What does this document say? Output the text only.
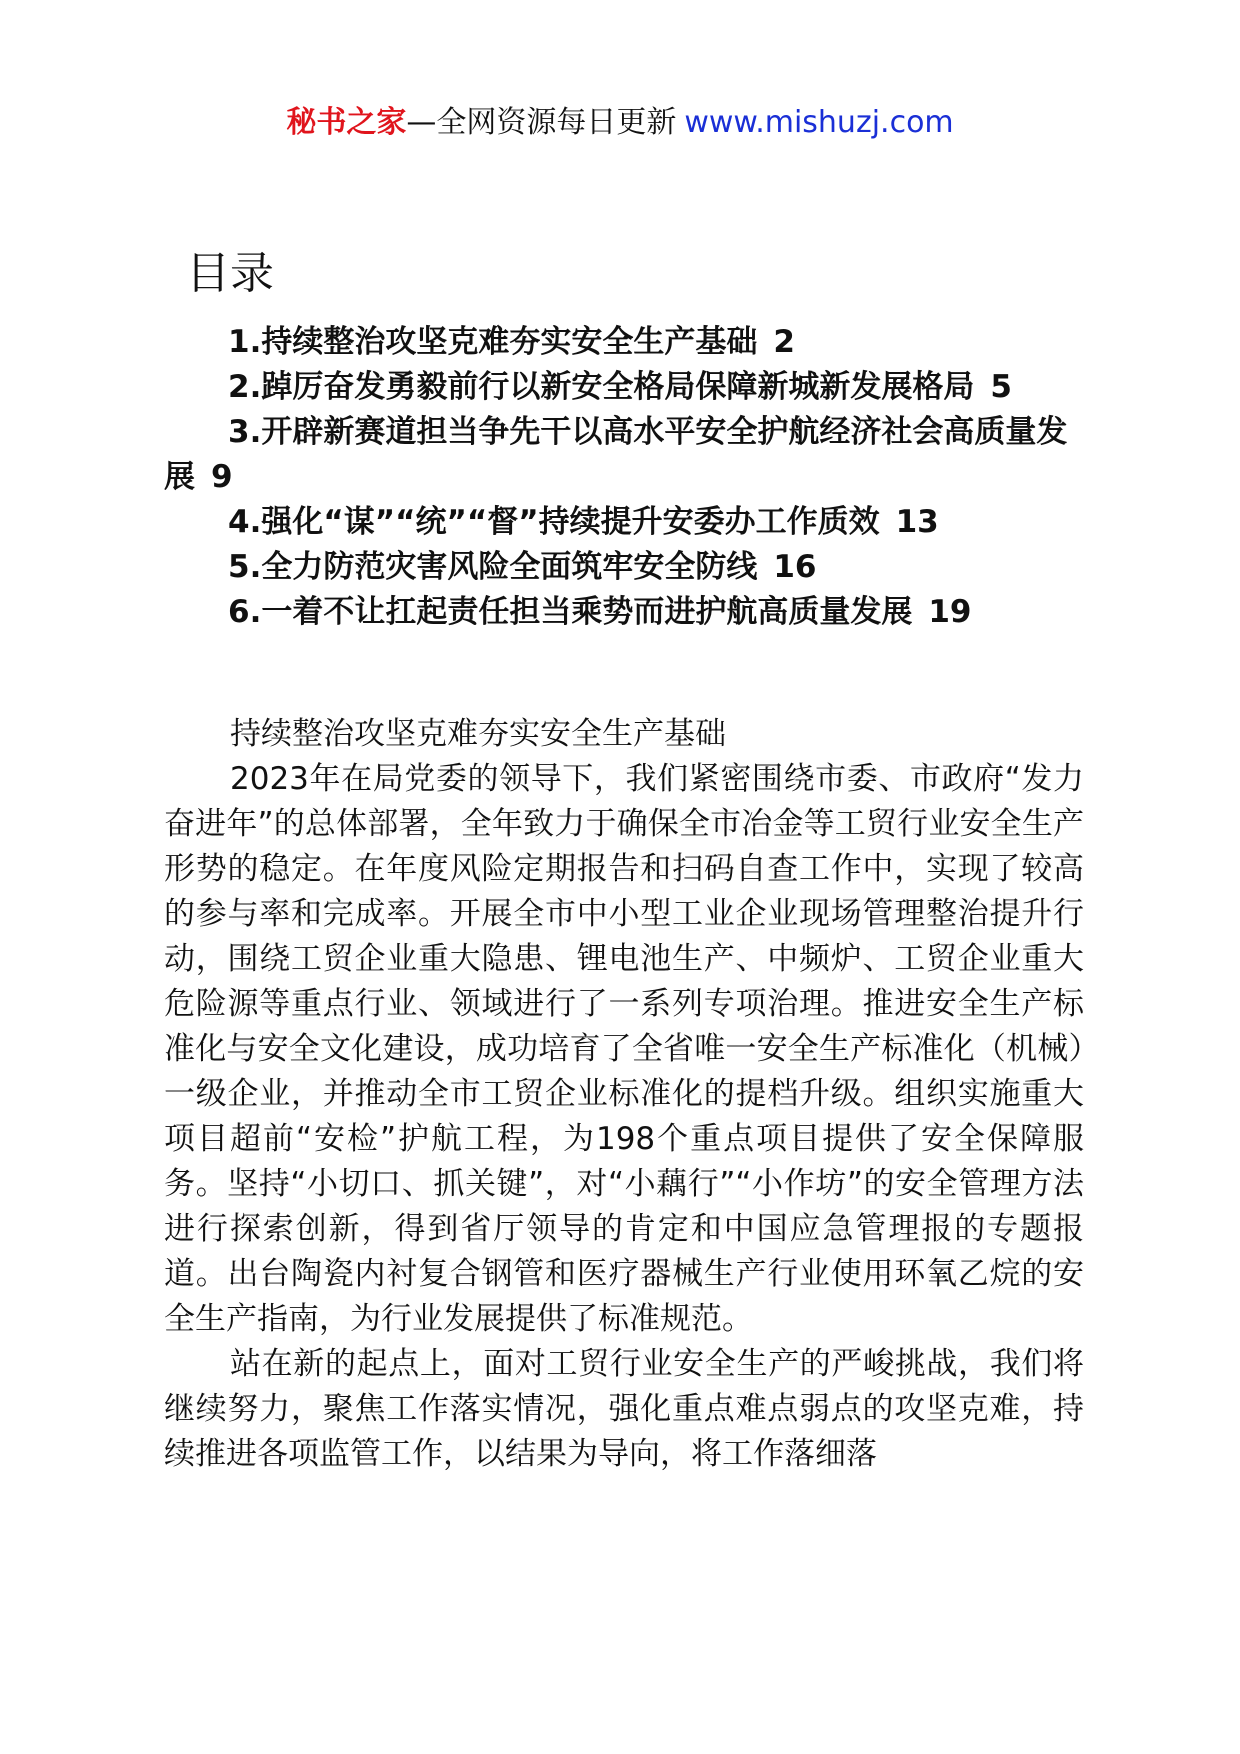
秘书之家—全网资源每日更新 www.mishuzj.com
目录
1.持续整治攻坚克难夯实安全生产基础 2
2.踔厉奋发勇毅前行以新安全格局保障新城新发展格局 5
3.开辟新赛道担当争先干以高水平安全护航经济社会高质量发展 9
4.强化“谋”“统”“督”持续提升安委办工作质效 13
5.全力防范灾害风险全面筑牢安全防线 16
6.一着不让扛起责任担当乘势而进护航高质量发展 19
持续整治攻坚克难夯实安全生产基础

2023年在局党委的领导下，我们紧密围绕市委、市政府“发力奋进年”的总体部署，全年致力于确保全市冶金等工贸行业安全生产形势的稳定。在年度风险定期报告和扫码自查工作中，实现了较高的参与率和完成率。开展全市中小型工业企业现场管理整治提升行动，围绕工贸企业重大隐患、锂电池生产、中频炉、工贸企业重大危险源等重点行业、领域进行了一系列专项治理。推进安全生产标准化与安全文化建设，成功培育了全省唯一安全生产标准化（机械）一级企业，并推动全市工贸企业标准化的提档升级。组织实施重大项目超前“安检”护航工程，为198个重点项目提供了安全保障服务。坚持“小切口、抓关键”，对“小藕行”“小作坊”的安全管理方法进行探索创新，得到省厅领导的肯定和中国应急管理报的专题报道。出台陶瓷内衬复合钢管和医疗器械生产行业使用环氧乙烷的安全生产指南，为行业发展提供了标准规范。

站在新的起点上，面对工贸行业安全生产的严峻挑战，我们将继续努力，聚焦工作落实情况，强化重点难点弱点的攻坚克难，持续推进各项监管工作，以结果为导向，将工作落细落
